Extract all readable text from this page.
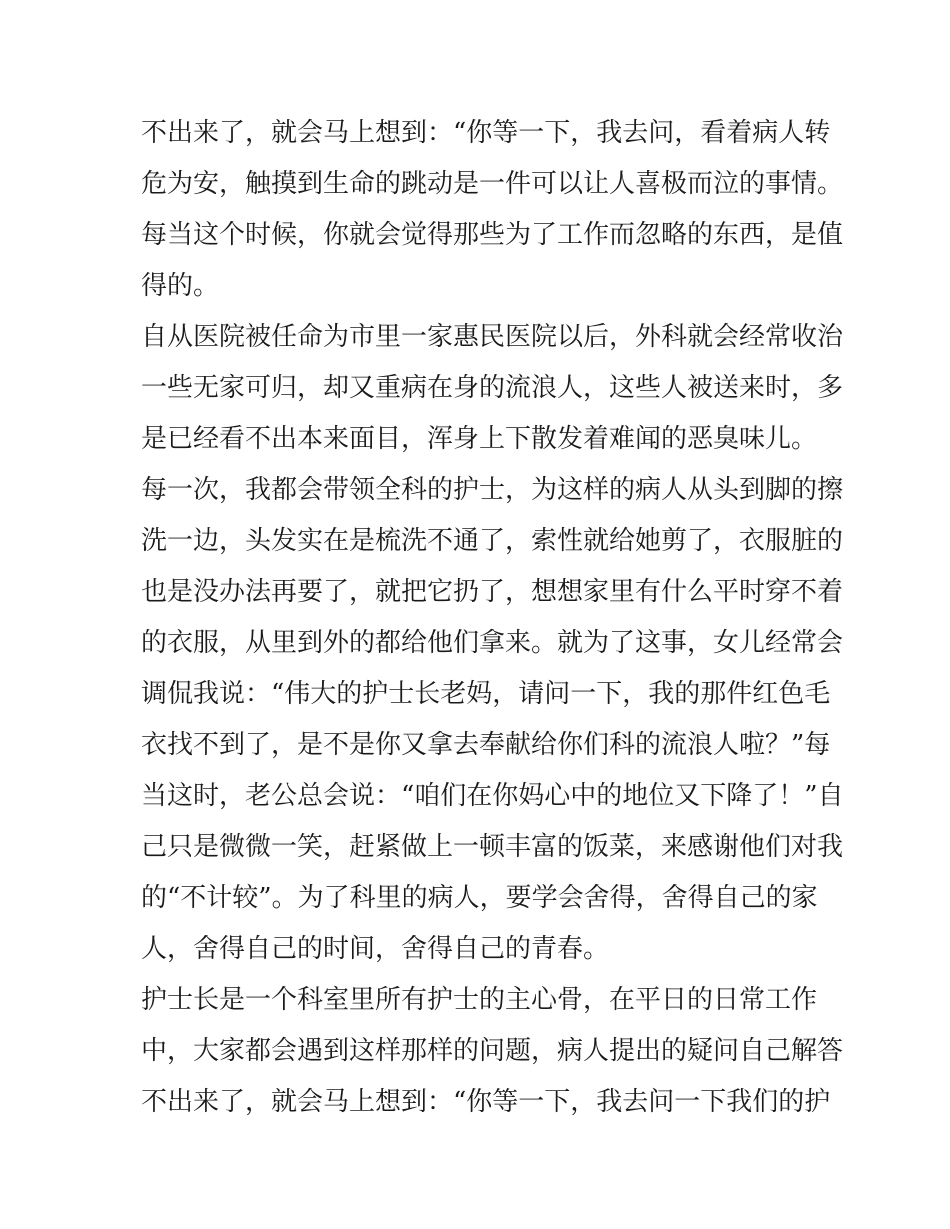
不出来了，就会马上想到：“你等一下，我去问，看着病人转
危为安，触摸到生命的跳动是一件可以让人喜极而泣的事情。
每当这个时候，你就会觉得那些为了工作而忽略的东西，是值
得的。
自从医院被任命为市里一家惠民医院以后，外科就会经常收治
一些无家可归，却又重病在身的流浪人，这些人被送来时，多
是已经看不出本来面目，浑身上下散发着难闻的恶臭味儿。
每一次，我都会带领全科的护士，为这样的病人从头到脚的擦
洗一边，头发实在是梳洗不通了，索性就给她剪了，衣服脏的
也是没办法再要了，就把它扔了，想想家里有什么平时穿不着
的衣服，从里到外的都给他们拿来。就为了这事，女儿经常会
调侃我说：“伟大的护士长老妈，请问一下，我的那件红色毛
衣找不到了，是不是你又拿去奉献给你们科的流浪人啦？”每
当这时，老公总会说：“咱们在你妈心中的地位又下降了！”自
己只是微微一笑，赶紧做上一顿丰富的饭菜，来感谢他们对我
的“不计较”。为了科里的病人，要学会舍得，舍得自己的家
人，舍得自己的时间，舍得自己的青春。
护士长是一个科室里所有护士的主心骨，在平日的日常工作
中，大家都会遇到这样那样的问题，病人提出的疑问自己解答
不出来了，就会马上想到：“你等一下，我去问一下我们的护
